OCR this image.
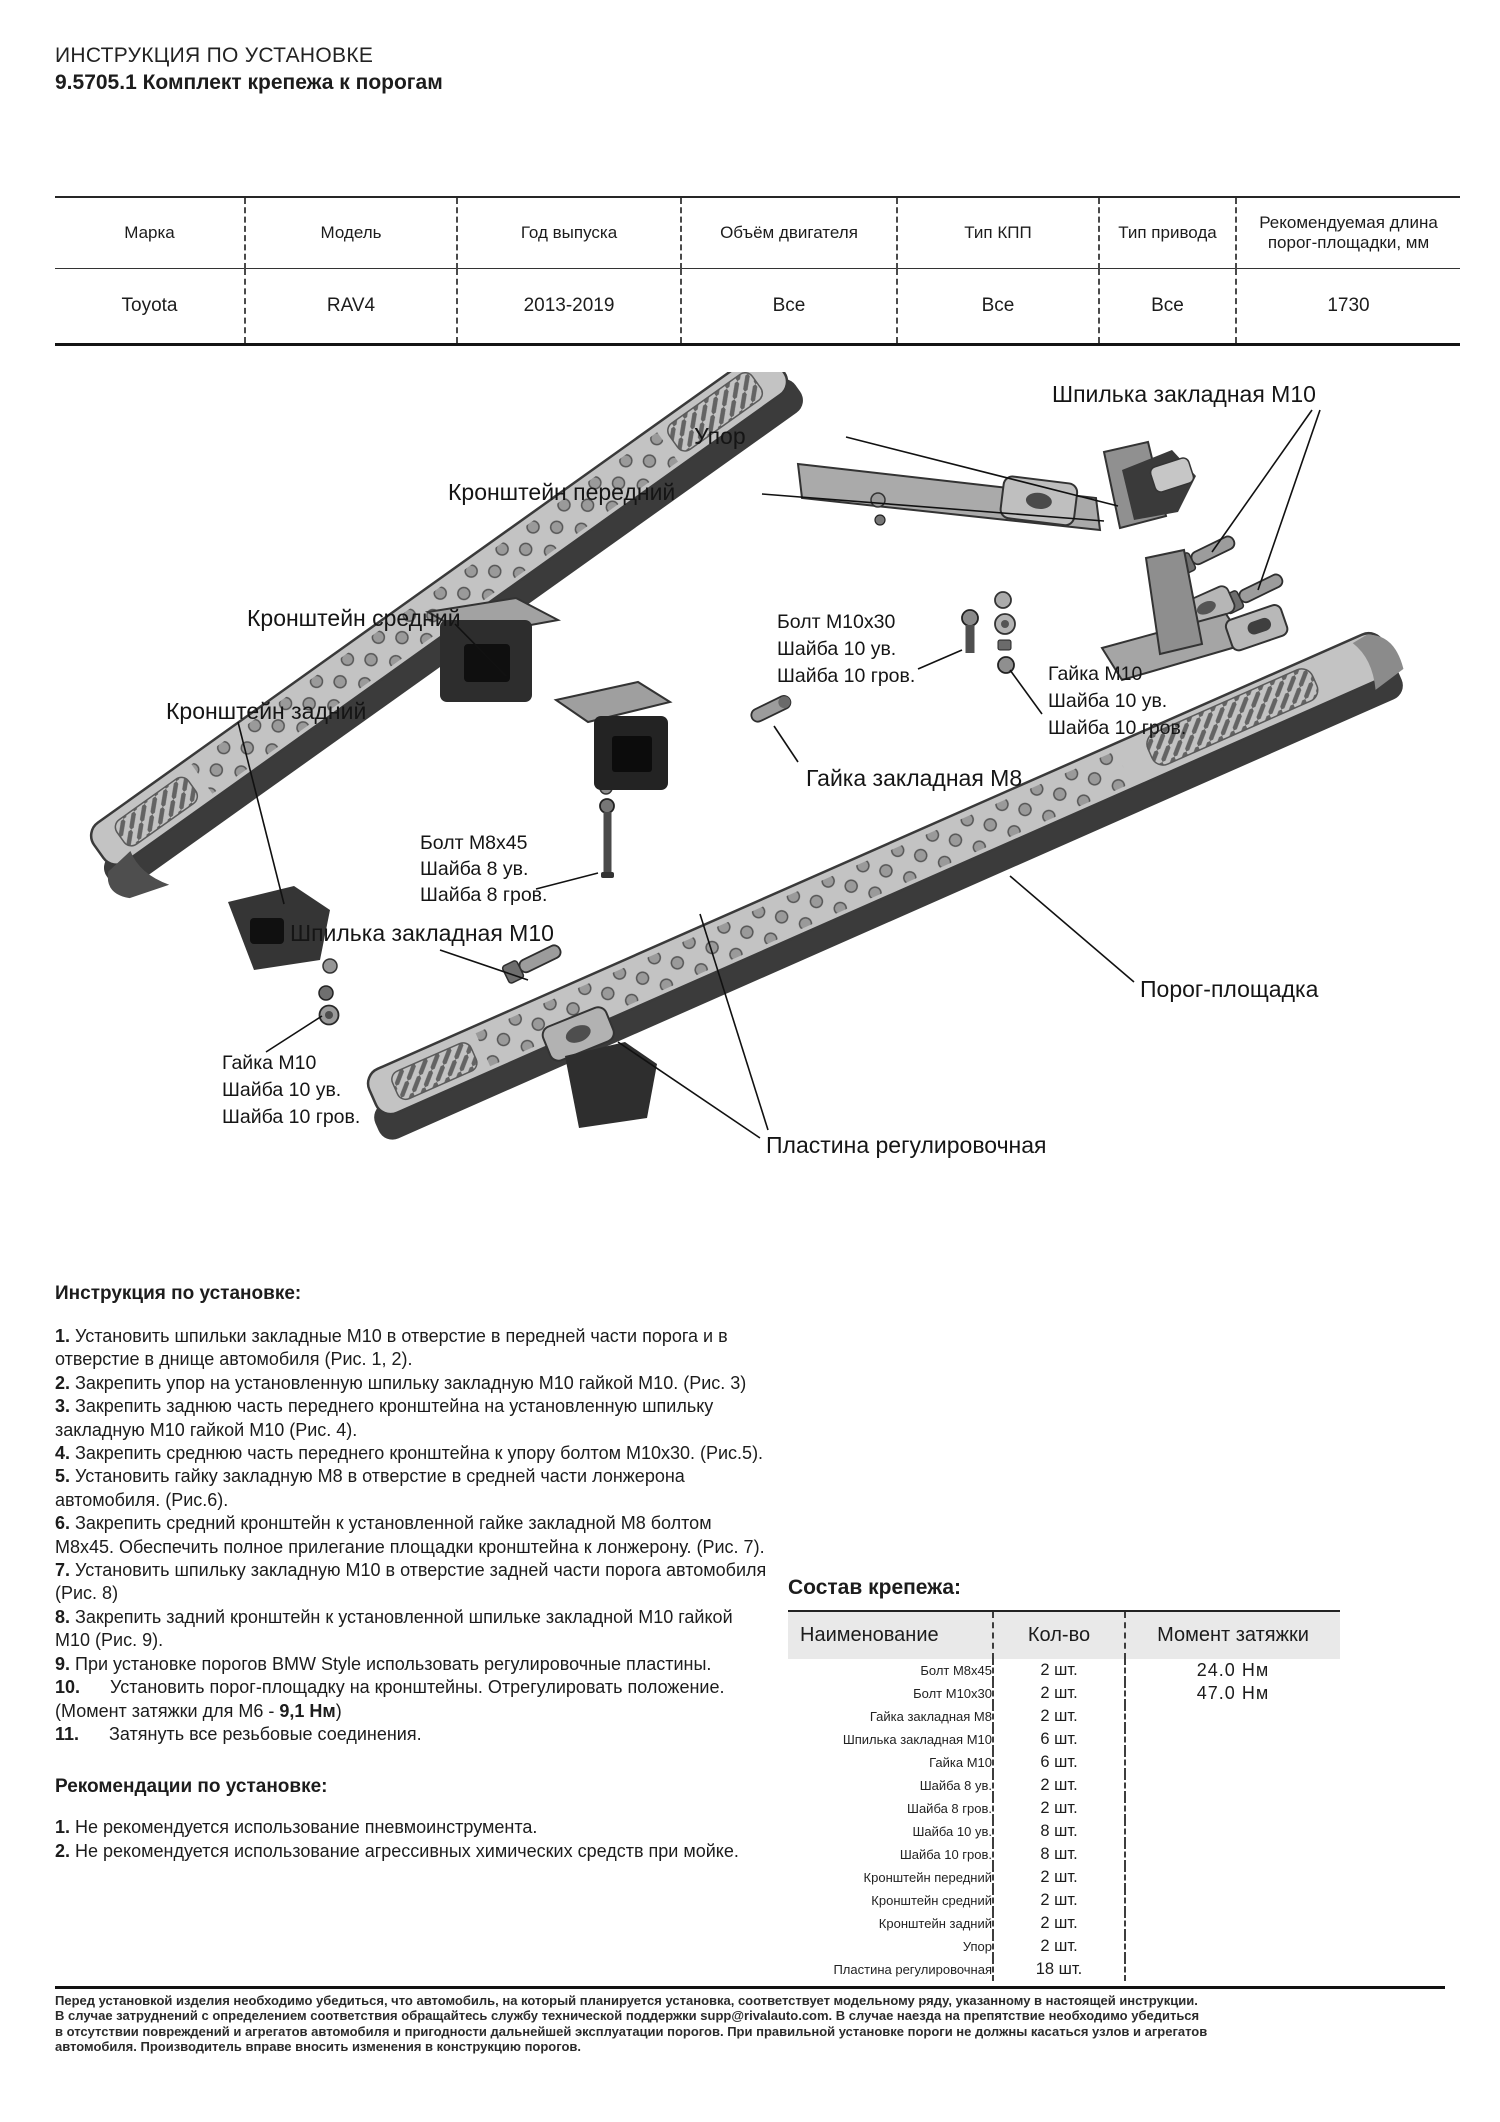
ИНСТРУКЦИЯ ПО УСТАНОВКЕ
9.5705.1 Комплект крепежа к порогам
Марка	Модель	Год выпуска	Объём двигателя	Тип КПП	Тип привода	Рекомендуемая длина порог-площадки, мм
Toyota	RAV4	2013-2019	Все	Все	Все	1730
Шпилька закладная М10
Упор
Кронштейн передний
Кронштейн средний
Кронштейн задний
Гайка закладная М8
Шпилька закладная М10
Порог-площадка
Пластина регулировочная
Болт М10х30
Шайба 10 ув.
Шайба 10 гров.	Гайка М10
Шайба 10 ув.
Шайба 10 гров.
Болт М8х45
Шайба 8 ув.
Шайба 8 гров.
Гайка М10
Шайба 10 ув.
Шайба 10 гров.
Инструкция по установке:

1. Установить шпильки закладные М10 в отверстие в передней части порога и в отверстие в днище автомобиля (Рис. 1, 2).

2. Закрепить упор на установленную шпильку закладную М10 гайкой М10. (Рис. 3)

3. Закрепить заднюю часть переднего кронштейна на установленную шпильку закладную М10 гайкой М10 (Рис. 4).

4. Закрепить среднюю часть переднего кронштейна к упору болтом М10х30. (Рис.5).

5. Установить гайку закладную М8 в отверстие в средней части лонжерона автомобиля. (Рис.6).

6. Закрепить средний кронштейн к установленной гайке закладной М8 болтом М8х45. Обеспечить полное прилегание площадки кронштейна к лонжерону. (Рис. 7).

7. Установить шпильку закладную М10 в отверстие задней части порога автомобиля (Рис. 8)

8. Закрепить задний кронштейн к установленной шпильке закладной М10 гайкой М10 (Рис. 9).

9. При установке порогов BMW Style использовать регулировочные пластины.

10. Установить порог-площадку на кронштейны. Отрегулировать положение. (Момент затяжки для М6 - 9,1 Нм)

11. Затянуть все резьбовые соединения.

Рекомендации по установке:

1. Не рекомендуется использование пневмоинструмента.

2. Не рекомендуется использование агрессивных химических средств при мойке.

Состав крепежа:
Наименование	Кол-во	Момент затяжки
Болт М8х45	2 шт.	24.0 Нм
Болт М10х30	2 шт.	47.0 Нм
Гайка закладная М8	2 шт.	
Шпилька закладная М10	6 шт.	
Гайка М10	6 шт.	
Шайба 8 ув.	2 шт.	
Шайба 8 гров.	2 шт.	
Шайба 10 ув.	8 шт.	
Шайба 10 гров.	8 шт.	
Кронштейн передний	2 шт.	
Кронштейн средний	2 шт.	
Кронштейн задний	2 шт.	
Упор	2 шт.	
Пластина регулировочная	18 шт.	
Перед установкой изделия необходимо убедиться, что автомобиль, на который планируется установка, соответствует модельному ряду, указанному в настоящей инструкции.
В случае затруднений с определением соответствия обращайтесь службу технической поддержки supp@rivalauto.com. В случае наезда на препятствие необходимо убедиться
в отсутствии повреждений и агрегатов автомобиля и пригодности дальнейшей эксплуатации порогов. При правильной установке пороги не должны касаться узлов и агрегатов
автомобиля. Производитель вправе вносить изменения в конструкцию порогов.
